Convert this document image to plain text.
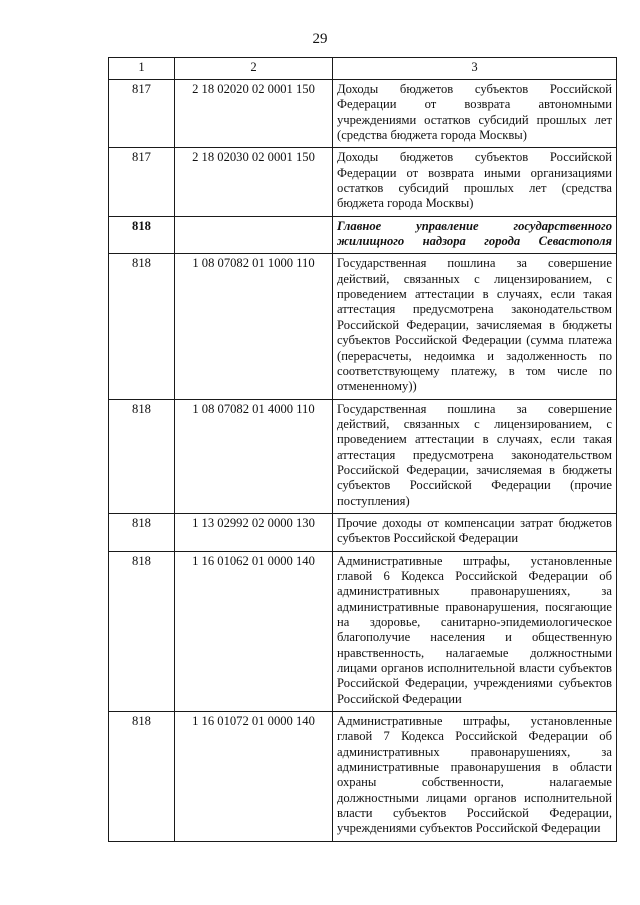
29
1	2	3
817	2 18 02020 02 0001 150	Доходы бюджетов субъектов Российской Федерации от возврата автономными учреждениями остатков субсидий прошлых лет (средства бюджета города Москвы)
817	2 18 02030 02 0001 150	Доходы бюджетов субъектов Российской Федерации от возврата иными организациями остатков субсидий прошлых лет (средства бюджета города Москвы)
818		Главное управление государственного жилищного надзора города Севастополя
818	1 08 07082 01 1000 110	Государственная пошлина за совершение действий, связанных с лицензированием, с проведением аттестации в случаях, если такая аттестация предусмотрена законодательством Российской Федерации, зачисляемая в бюджеты субъектов Российской Федерации (сумма платежа (перерасчеты, недоимка и задолженность по соответствующему платежу, в том числе по отмененному))
818	1 08 07082 01 4000 110	Государственная пошлина за совершение действий, связанных с лицензированием, с проведением аттестации в случаях, если такая аттестация предусмотрена законодательством Российской Федерации, зачисляемая в бюджеты субъектов Российской Федерации (прочие поступления)
818	1 13 02992 02 0000 130	Прочие доходы от компенсации затрат бюджетов субъектов Российской Федерации
818	1 16 01062 01 0000 140	Административные штрафы, установленные главой 6 Кодекса Российской Федерации об административных правонарушениях, за административные правонарушения, посягающие на здоровье, санитарно-эпидемиологическое благополучие населения и общественную нравственность, налагаемые должностными лицами органов исполнительной власти субъектов Российской Федерации, учреждениями субъектов Российской Федерации
818	1 16 01072 01 0000 140	Административные штрафы, установленные главой 7 Кодекса Российской Федерации об административных правонарушениях, за административные правонарушения в области охраны собственности, налагаемые должностными лицами органов исполнительной власти субъектов Российской Федерации, учреждениями субъектов Российской Федерации
